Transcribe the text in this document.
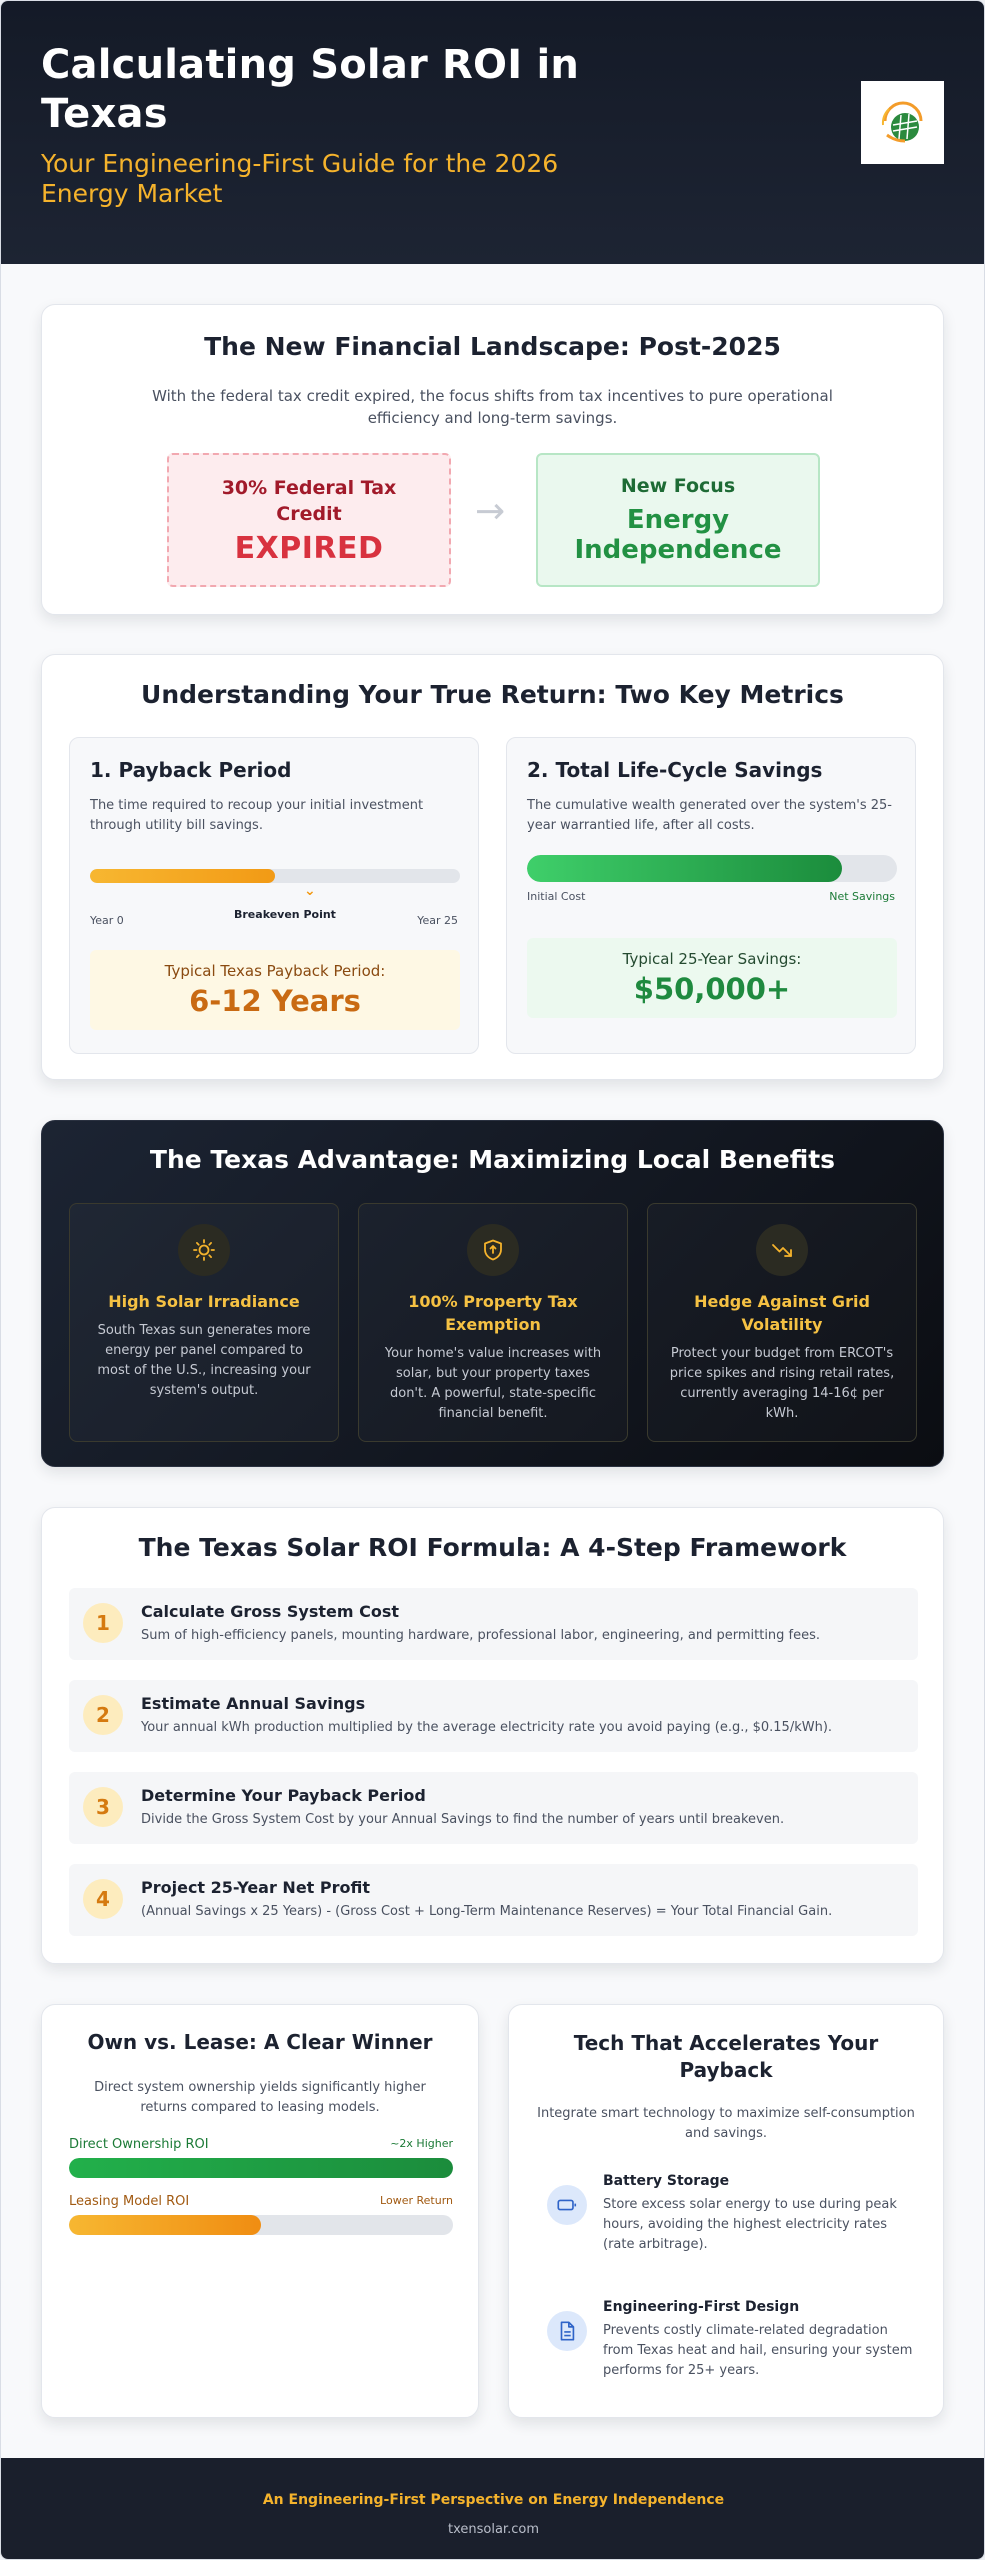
Calculating Solar ROI in Texas
Your Engineering-First Guide for the 2026 Energy Market
The New Financial Landscape: Post-2025
With the federal tax credit expired, the focus shifts from tax incentives to pure operational efficiency and long-term savings.
30% Federal Tax Credit
EXPIRED
→
New Focus
Energy Independence
Understanding Your True Return: Two Key Metrics
1. Payback Period
The time required to recoup your initial investment through utility bill savings.
⌄
Year 0	Breakeven Point	Year 25
Typical Texas Payback Period:
6-12 Years
2. Total Life-Cycle Savings
The cumulative wealth generated over the system's 25-year warrantied life, after all costs.
Initial Cost	Net Savings
Typical 25-Year Savings:
$50,000+
The Texas Advantage: Maximizing Local Benefits
High Solar Irradiance

South Texas sun generates more energy per panel compared to most of the U.S., increasing your system's output.

100% Property Tax Exemption

Your home's value increases with solar, but your property taxes don't. A powerful, state-specific financial benefit.

Hedge Against Grid Volatility

Protect your budget from ERCOT's price spikes and rising retail rates, currently averaging 14-16¢ per kWh.

The Texas Solar ROI Formula: A 4-Step Framework
1	Calculate Gross System Cost
Sum of high-efficiency panels, mounting hardware, professional labor, engineering, and permitting fees.
2	Estimate Annual Savings
Your annual kWh production multiplied by the average electricity rate you avoid paying (e.g., $0.15/kWh).
3	Determine Your Payback Period
Divide the Gross System Cost by your Annual Savings to find the number of years until breakeven.
4	Project 25-Year Net Profit
(Annual Savings x 25 Years) - (Gross Cost + Long-Term Maintenance Reserves) = Your Total Financial Gain.
Own vs. Lease: A Clear Winner
Direct system ownership yields significantly higher returns compared to leasing models.
Direct Ownership ROI	~2x Higher
Leasing Model ROI	Lower Return
Tech That Accelerates Your Payback
Integrate smart technology to maximize self-consumption and savings.
Battery Storage
Store excess solar energy to use during peak hours, avoiding the highest electricity rates (rate arbitrage).
Engineering-First Design
Prevents costly climate-related degradation from Texas heat and hail, ensuring your system performs for 25+ years.
An Engineering-First Perspective on Energy Independence
txensolar.com
